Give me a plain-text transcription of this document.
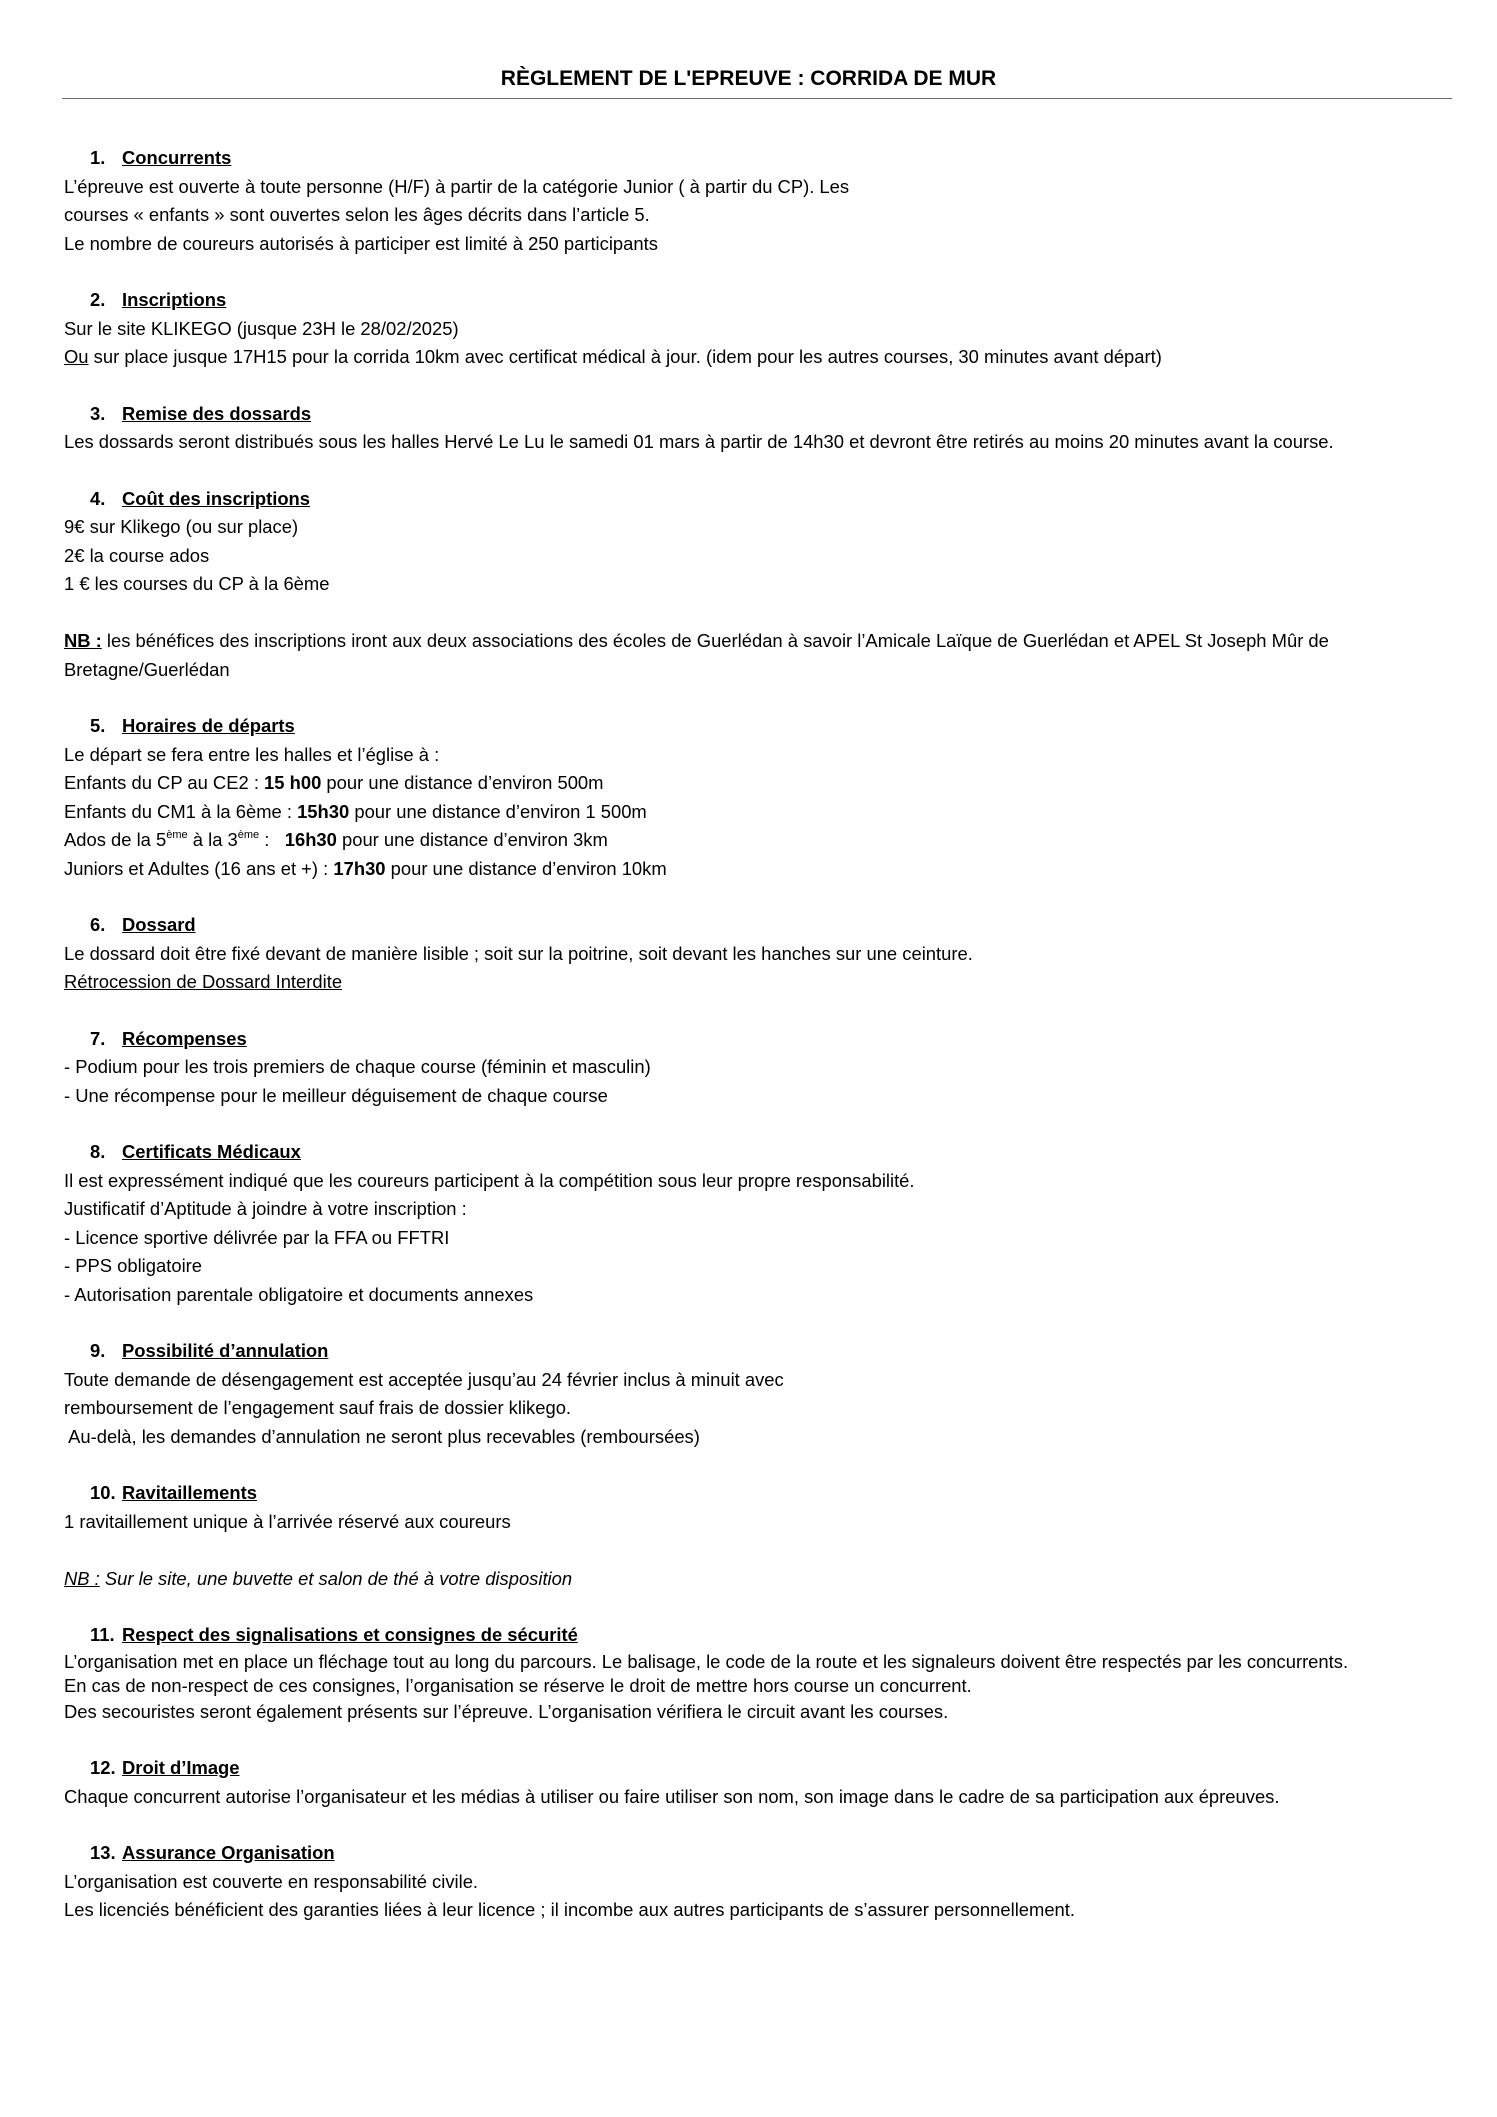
RÈGLEMENT DE L'EPREUVE : CORRIDA DE MUR
1. Concurrents
L’épreuve est ouverte à toute personne (H/F) à partir de la catégorie Junior ( à partir du CP). Les
courses « enfants » sont ouvertes selon les âges décrits dans l’article 5.
Le nombre de coureurs autorisés à participer est limité à 250 participants
2. Inscriptions
Sur le site KLIKEGO (jusque 23H le 28/02/2025)
Ou sur place jusque 17H15 pour la corrida 10km avec certificat médical à jour. (idem pour les autres courses, 30 minutes avant départ)
3. Remise des dossards
Les dossards seront distribués sous les halles Hervé Le Lu le samedi 01 mars à partir de 14h30 et devront être retirés au moins 20 minutes avant la course.
4. Coût des inscriptions
9€ sur Klikego (ou sur place)
2€ la course ados
1 € les courses du CP à la 6ème
NB : les bénéfices des inscriptions iront aux deux associations des écoles de Guerlédan à savoir l’Amicale Laïque de Guerlédan et APEL St Joseph Mûr de Bretagne/Guerlédan
5. Horaires de départs
Le départ se fera entre les halles et l’église à :
Enfants du CP au CE2 : 15 h00 pour une distance d’environ 500m
Enfants du CM1 à la 6ème : 15h30 pour une distance d’environ 1 500m
Ados de la 5ème à la 3ème :   16h30 pour une distance d’environ 3km
Juniors et Adultes (16 ans et +) : 17h30 pour une distance d’environ 10km
6. Dossard
Le dossard doit être fixé devant de manière lisible ; soit sur la poitrine, soit devant les hanches sur une ceinture.
Rétrocession de Dossard Interdite
7. Récompenses
- Podium pour les trois premiers de chaque course (féminin et masculin)
- Une récompense pour le meilleur déguisement de chaque course
8. Certificats Médicaux
Il est expressément indiqué que les coureurs participent à la compétition sous leur propre responsabilité.
Justificatif d’Aptitude à joindre à votre inscription :
- Licence sportive délivrée par la FFA ou FFTRI
- PPS obligatoire
- Autorisation parentale obligatoire et documents annexes
9. Possibilité d’annulation
Toute demande de désengagement est acceptée jusqu’au 24 février inclus à minuit avec
remboursement de l’engagement sauf frais de dossier klikego.
Au-delà, les demandes d’annulation ne seront plus recevables (remboursées)
10. Ravitaillements
1 ravitaillement unique à l’arrivée réservé aux coureurs
NB : Sur le site, une buvette et salon de thé à votre disposition
11. Respect des signalisations et consignes de sécurité
L’organisation met en place un fléchage tout au long du parcours. Le balisage, le code de la route et les signaleurs doivent être respectés par les concurrents.
En cas de non-respect de ces consignes, l’organisation se réserve le droit de mettre hors course un concurrent.
Des secouristes seront également présents sur l’épreuve. L’organisation vérifiera le circuit avant les courses.
12. Droit d’Image
Chaque concurrent autorise l’organisateur et les médias à utiliser ou faire utiliser son nom, son image dans le cadre de sa participation aux épreuves.
13. Assurance Organisation
L’organisation est couverte en responsabilité civile.
Les licenciés bénéficient des garanties liées à leur licence ; il incombe aux autres participants de s’assurer personnellement.
